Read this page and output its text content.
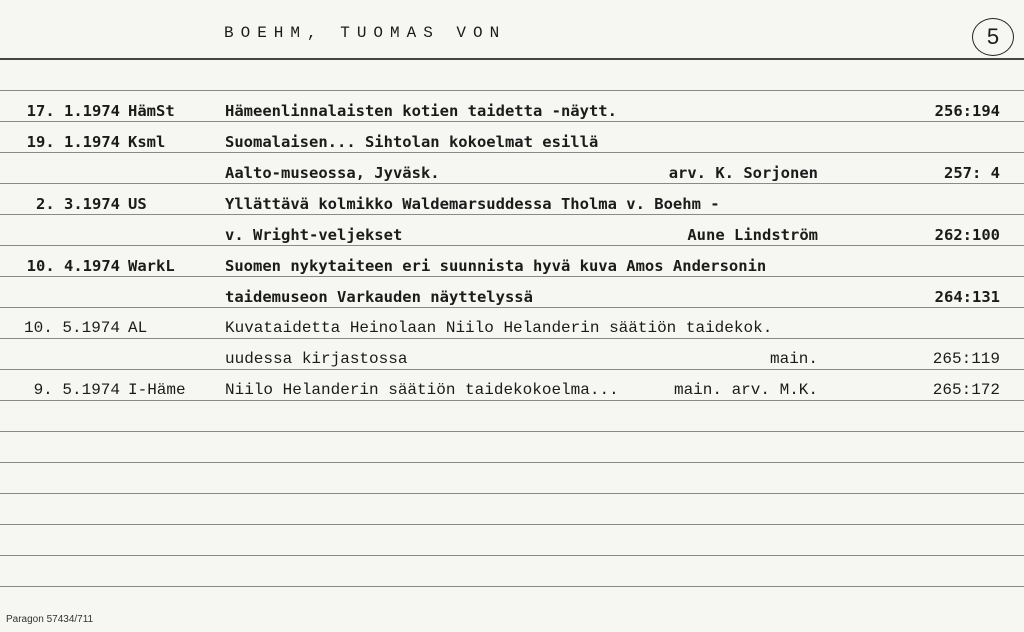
BOEHM, TUOMAS VON	5
17. 1.1974 HämSt	Hämeenlinnalaisten kotien taidetta -näytt.	256:194
19. 1.1974 Ksml	Suomalaisen... Sihtolan kokoelmat esillä
Aalto-museossa, Jyväsk.	arv. K. Sorjonen	257: 4
2. 3.1974 US	Yllättävä kolmikko Waldemarsuddessa Tholma v. Boehm -
v. Wright-veljekset	Aune Lindström	262:100
10. 4.1974 WarkL	Suomen nykytaiteen eri suunnista hyvä kuva Amos Andersonin
taidemuseon Varkauden näyttelyssä	264:131
10. 5.1974 AL	Kuvataidetta Heinolaan Niilo Helanderin säätiön taidekok.
uudessa kirjastossa	main.	265:119
9. 5.1974 I-Häme Niilo Helanderin säätiön taidekokoelma...	main. arv. M.K.	265:172
Paragon 57434/711
